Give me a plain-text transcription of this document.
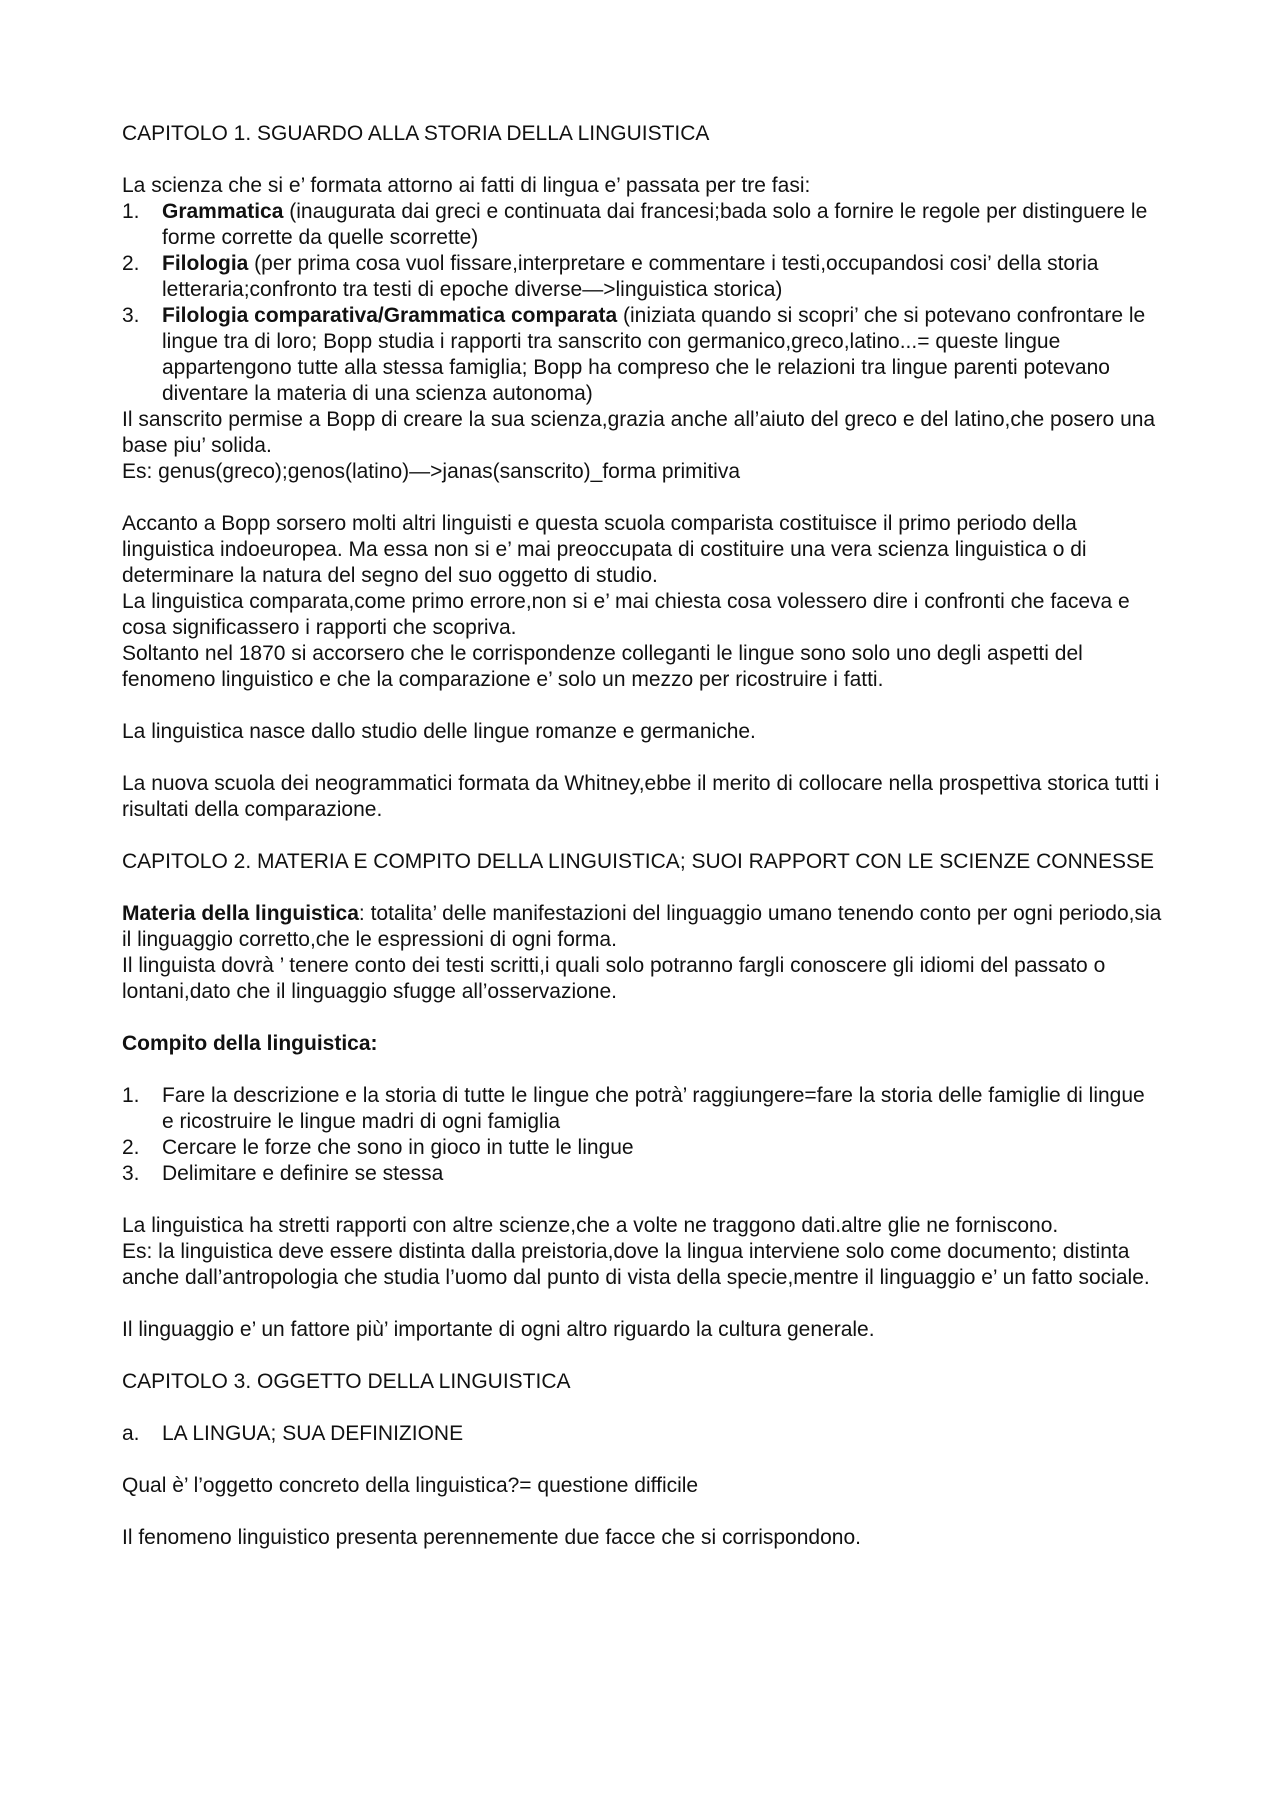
CAPITOLO 1. SGUARDO ALLA STORIA DELLA LINGUISTICA

La scienza che si e’ formata attorno ai fatti di lingua e’ passata per tre fasi:

1. Grammatica (inaugurata dai greci e continuata dai francesi;bada solo a fornire le regole per distinguere le forme corrette da quelle scorrette)
2. Filologia (per prima cosa vuol fissare,interpretare e commentare i testi,occupandosi cosi’ della storia letteraria;confronto tra testi di epoche diverse—>linguistica storica)
3. Filologia comparativa/Grammatica comparata (iniziata quando si scopri’ che si potevano confrontare le lingue tra di loro; Bopp studia i rapporti tra sanscrito con germanico,greco,latino...= queste lingue appartengono tutte alla stessa famiglia; Bopp ha compreso che le relazioni tra lingue parenti potevano diventare la materia di una scienza autonoma)

Il sanscrito permise a Bopp di creare la sua scienza,grazia anche all’aiuto del greco e del latino,che posero una base piu’ solida.

Es: genus(greco);genos(latino)—>janas(sanscrito)_forma primitiva

Accanto a Bopp sorsero molti altri linguisti e questa scuola comparista costituisce il primo periodo della linguistica indoeuropea. Ma essa non si e’ mai preoccupata di costituire una vera scienza linguistica o di determinare la natura del segno del suo oggetto di studio.

La linguistica comparata,come primo errore,non si e’ mai chiesta cosa volessero dire i confronti che faceva e cosa significassero i rapporti che scopriva.

Soltanto nel 1870 si accorsero che le corrispondenze colleganti le lingue sono solo uno degli aspetti del fenomeno linguistico e che la comparazione e’ solo un mezzo per ricostruire i fatti.

La linguistica nasce dallo studio delle lingue romanze e germaniche.

La nuova scuola dei neogrammatici formata da Whitney,ebbe il merito di collocare nella prospettiva storica tutti i risultati della comparazione.

CAPITOLO 2. MATERIA E COMPITO DELLA LINGUISTICA; SUOI RAPPORT CON LE SCIENZE CONNESSE

Materia della linguistica: totalita’ delle manifestazioni del linguaggio umano tenendo conto per ogni periodo,sia il linguaggio corretto,che le espressioni di ogni forma.

Il linguista dovrà ’ tenere conto dei testi scritti,i quali solo potranno fargli conoscere gli idiomi del passato o lontani,dato che il linguaggio sfugge all’osservazione.

Compito della linguistica:

1. Fare la descrizione e la storia di tutte le lingue che potrà’ raggiungere=fare la storia delle famiglie di lingue e ricostruire le lingue madri di ogni famiglia
2. Cercare le forze che sono in gioco in tutte le lingue
3. Delimitare e definire se stessa

La linguistica ha stretti rapporti con altre scienze,che a volte ne traggono dati.altre glie ne forniscono.

Es: la linguistica deve essere distinta dalla preistoria,dove la lingua interviene solo come documento; distinta anche dall’antropologia che studia l’uomo dal punto di vista della specie,mentre il linguaggio e’ un fatto sociale.

Il linguaggio e’ un fattore più’ importante di ogni altro riguardo la cultura generale.

CAPITOLO 3. OGGETTO DELLA LINGUISTICA

a. LA LINGUA; SUA DEFINIZIONE

Qual è’ l’oggetto concreto della linguistica?= questione difficile

Il fenomeno linguistico presenta perennemente due facce che si corrispondono.
